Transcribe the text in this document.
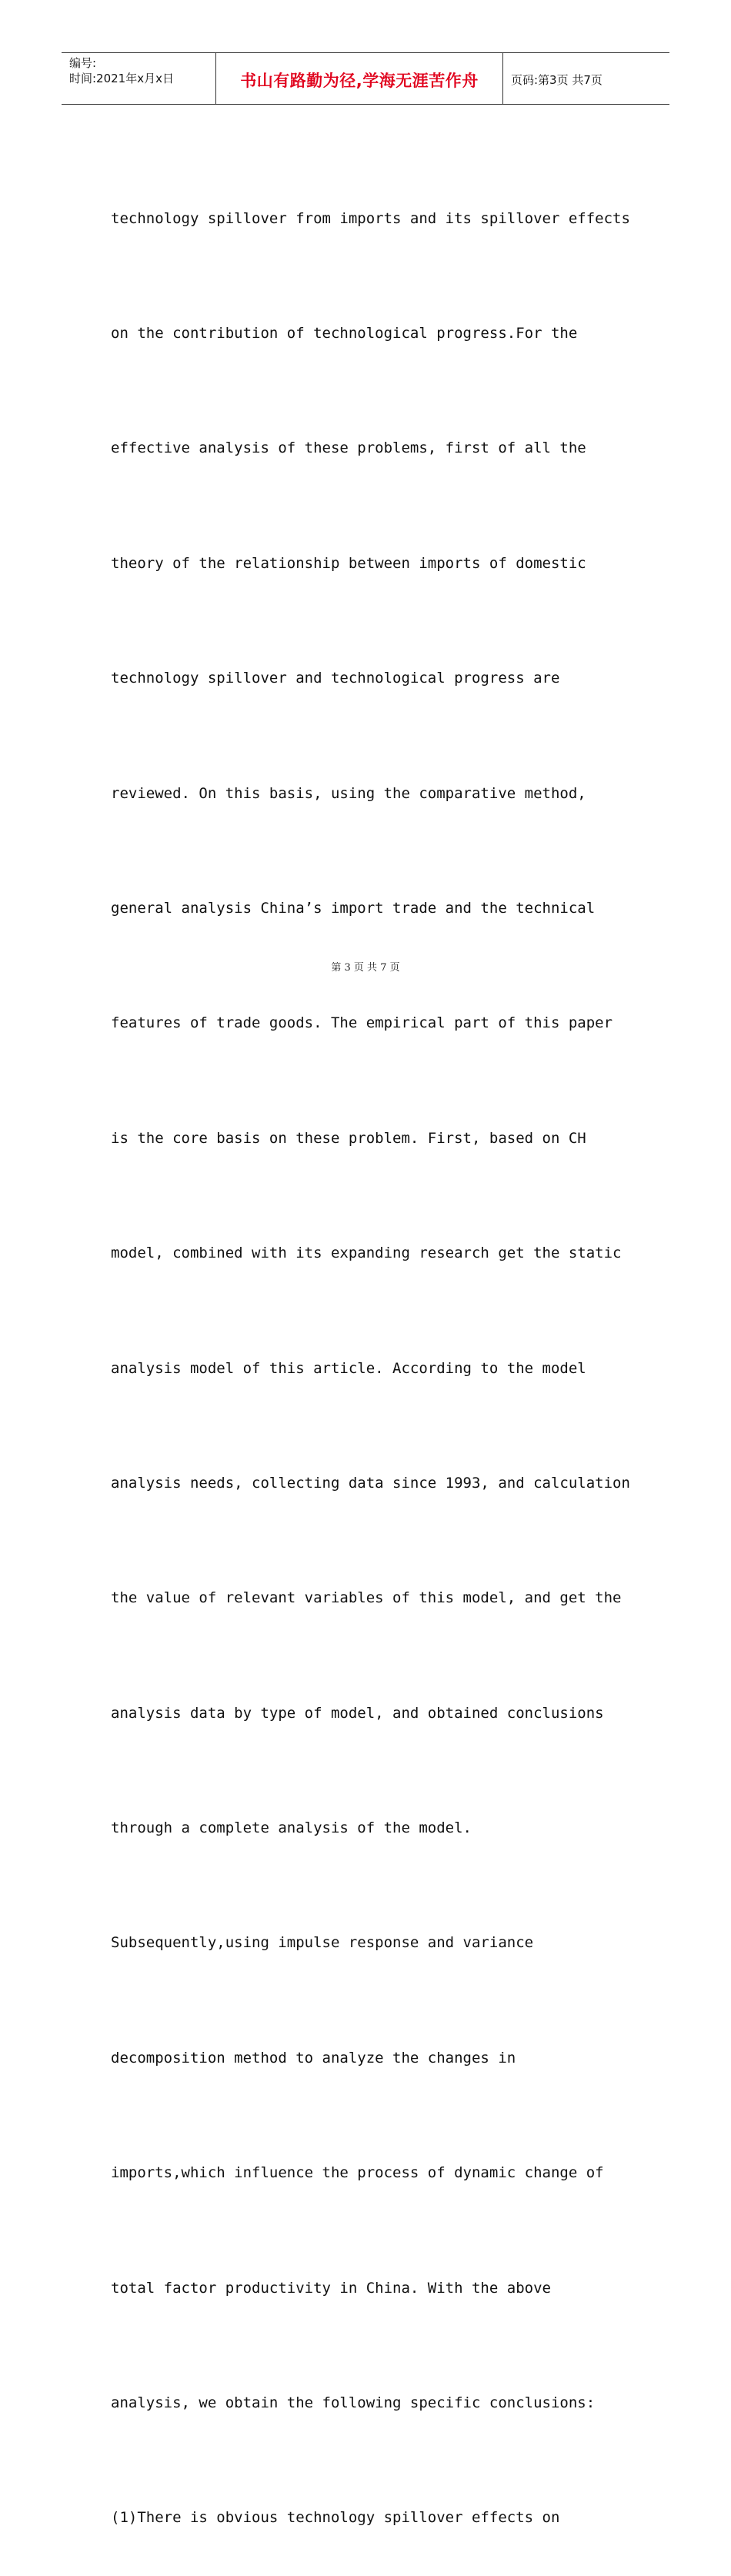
编号:
时间:2021年x月x日	书山有路勤为径,学海无涯苦作舟	页码:第3页 共7页

technology spillover from imports and its spillover effects

on the contribution of technological progress.For the

effective analysis of these problems, first of all the

theory of the relationship between imports of domestic

technology spillover and technological progress are

reviewed. On this basis, using the comparative method,

general analysis China’s import trade and the technical

features of trade goods. The empirical part of this paper

is the core basis on these problem. First, based on CH

model, combined with its expanding research get the static

analysis model of this article. According to the model

analysis needs, collecting data since 1993, and calculation

the value of relevant variables of this model, and get the

analysis data by type of model, and obtained conclusions

through a complete analysis of the model.

Subsequently,using impulse response and variance

decomposition method to analyze the changes in

imports,which influence the process of dynamic change of

total factor productivity in China. With the above

analysis, we obtain the following specific conclusions:

(1)There is obvious technology spillover effects on

第 3 页 共 7 页
